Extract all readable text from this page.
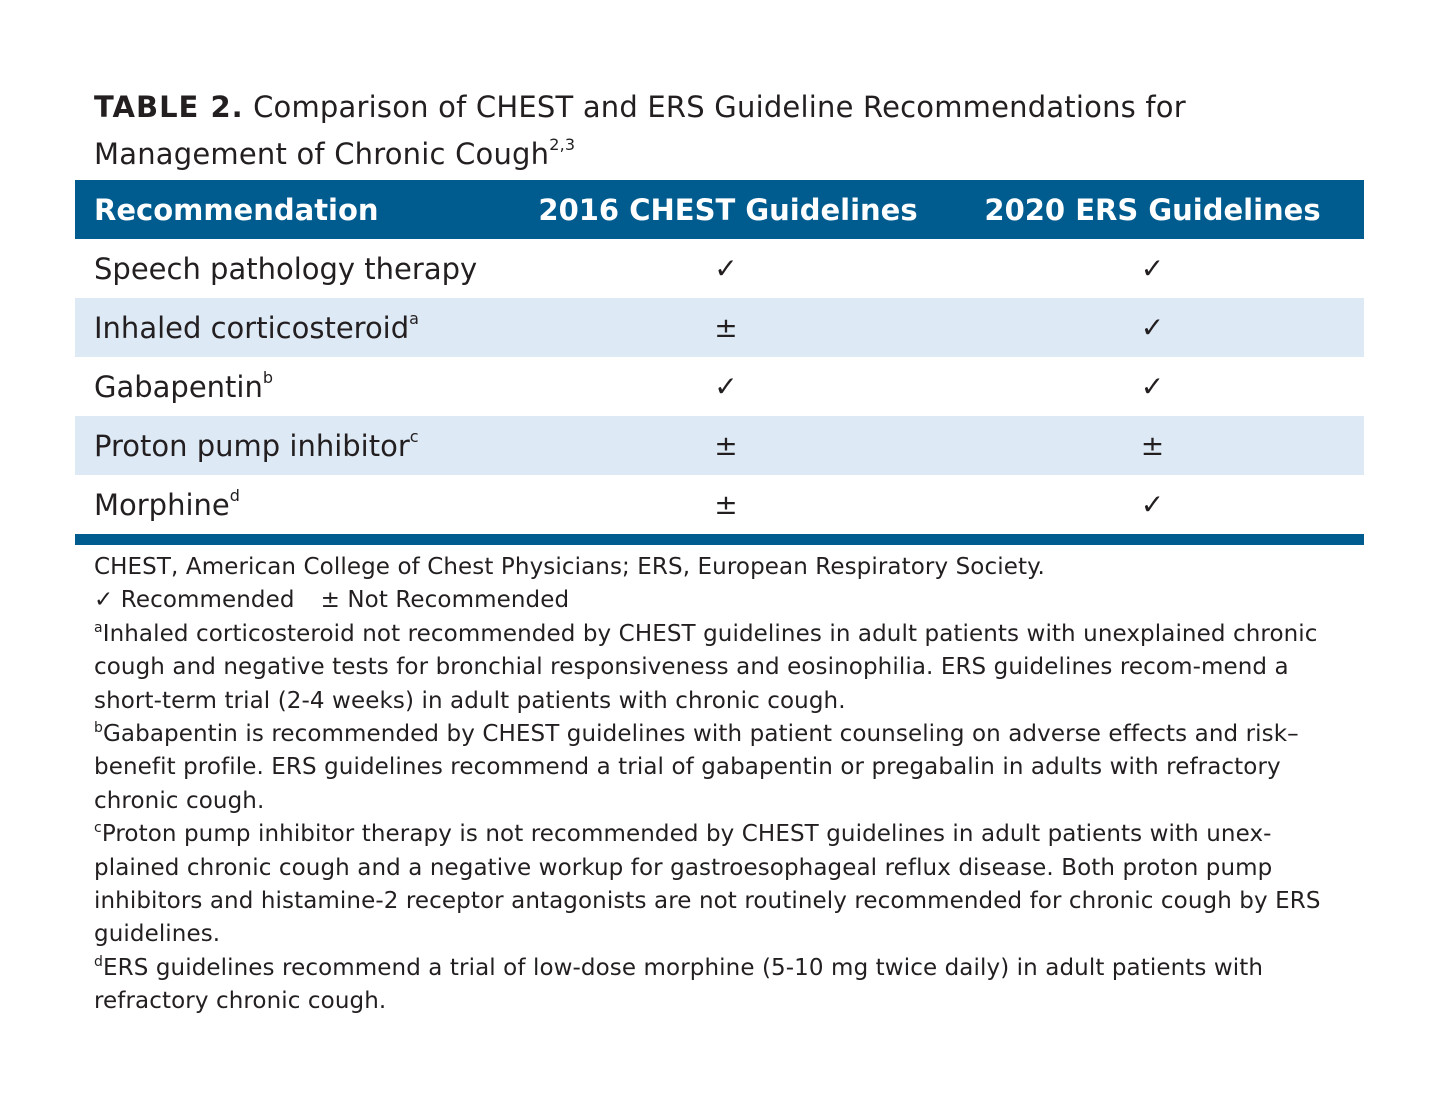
TABLE 2. Comparison of CHEST and ERS Guideline Recommendations for Management of Chronic Cough$^{2,3}$
Recommendation	2016 CHEST Guidelines	2020 ERS Guidelines
Speech pathology therapy	✓	✓
Inhaled corticosteroid$^a$	±	✓
Gabapentin$^b$	✓	✓
Proton pump inhibitor$^c$	±	±
Morphine$^d$	±	✓

CHEST, American College of Chest Physicians; ERS, European Respiratory Society.

✓ Recommended ± Not Recommended

$^a$Inhaled corticosteroid not recommended by CHEST guidelines in adult patients with unexplained chronic cough and negative tests for bronchial responsiveness and eosinophilia. ERS guidelines recom-mend a short-term trial (2-4 weeks) in adult patients with chronic cough.

$^b$Gabapentin is recommended by CHEST guidelines with patient counseling on adverse effects and risk–benefit profile. ERS guidelines recommend a trial of gabapentin or pregabalin in adults with refractory chronic cough.

$^c$Proton pump inhibitor therapy is not recommended by CHEST guidelines in adult patients with unex-plained chronic cough and a negative workup for gastroesophageal reflux disease. Both proton pump inhibitors and histamine-2 receptor antagonists are not routinely recommended for chronic cough by ERS guidelines.

$^d$ERS guidelines recommend a trial of low-dose morphine (5-10 mg twice daily) in adult patients with refractory chronic cough.
